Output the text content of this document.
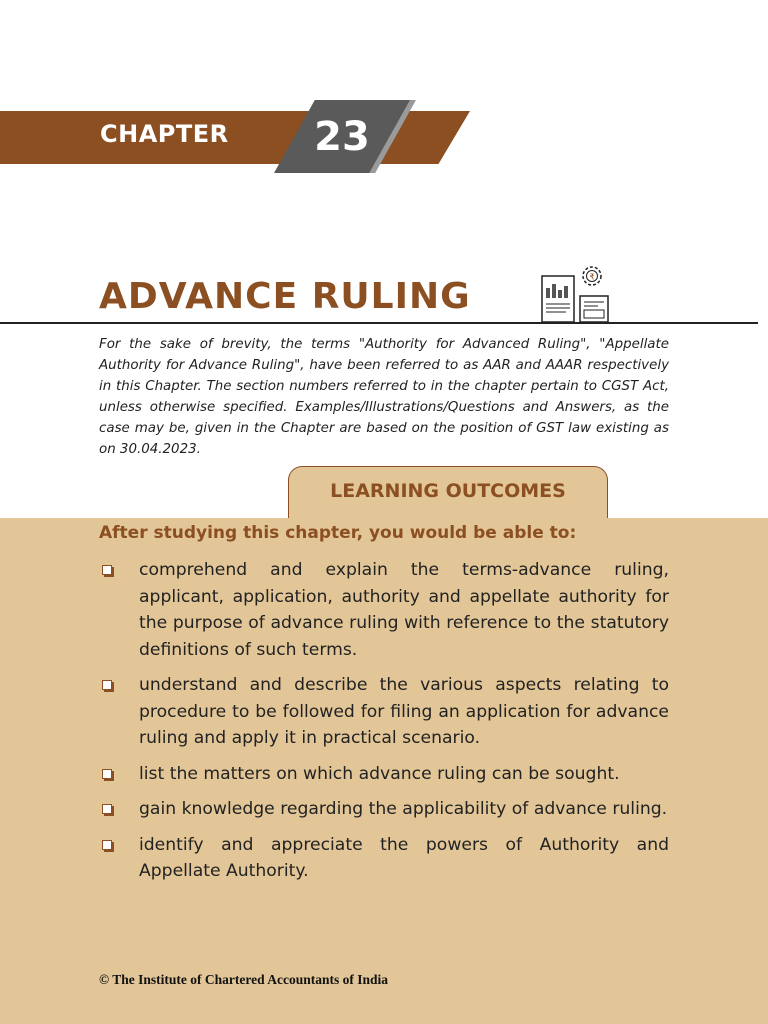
CHAPTER	23
ADVANCE RULING	₹

For the sake of brevity, the terms "Authority for Advanced Ruling", "Appellate Authority for Advance Ruling", have been referred to as AAR and AAAR respectively in this Chapter. The section numbers referred to in the chapter pertain to CGST Act, unless otherwise specified. Examples/Illustrations/Questions and Answers, as the case may be, given in the Chapter are based on the position of GST law existing as on 30.04.2023.

LEARNING OUTCOMES
After studying this chapter, you would be able to:
comprehend and explain the terms-advance ruling, applicant, application, authority and appellate authority for the purpose of advance ruling with reference to the statutory definitions of such terms.
understand and describe the various aspects relating to procedure to be followed for filing an application for advance ruling and apply it in practical scenario.
list the matters on which advance ruling can be sought.
gain knowledge regarding the applicability of advance ruling.
identify and appreciate the powers of Authority and Appellate Authority.
© The Institute of Chartered Accountants of India
